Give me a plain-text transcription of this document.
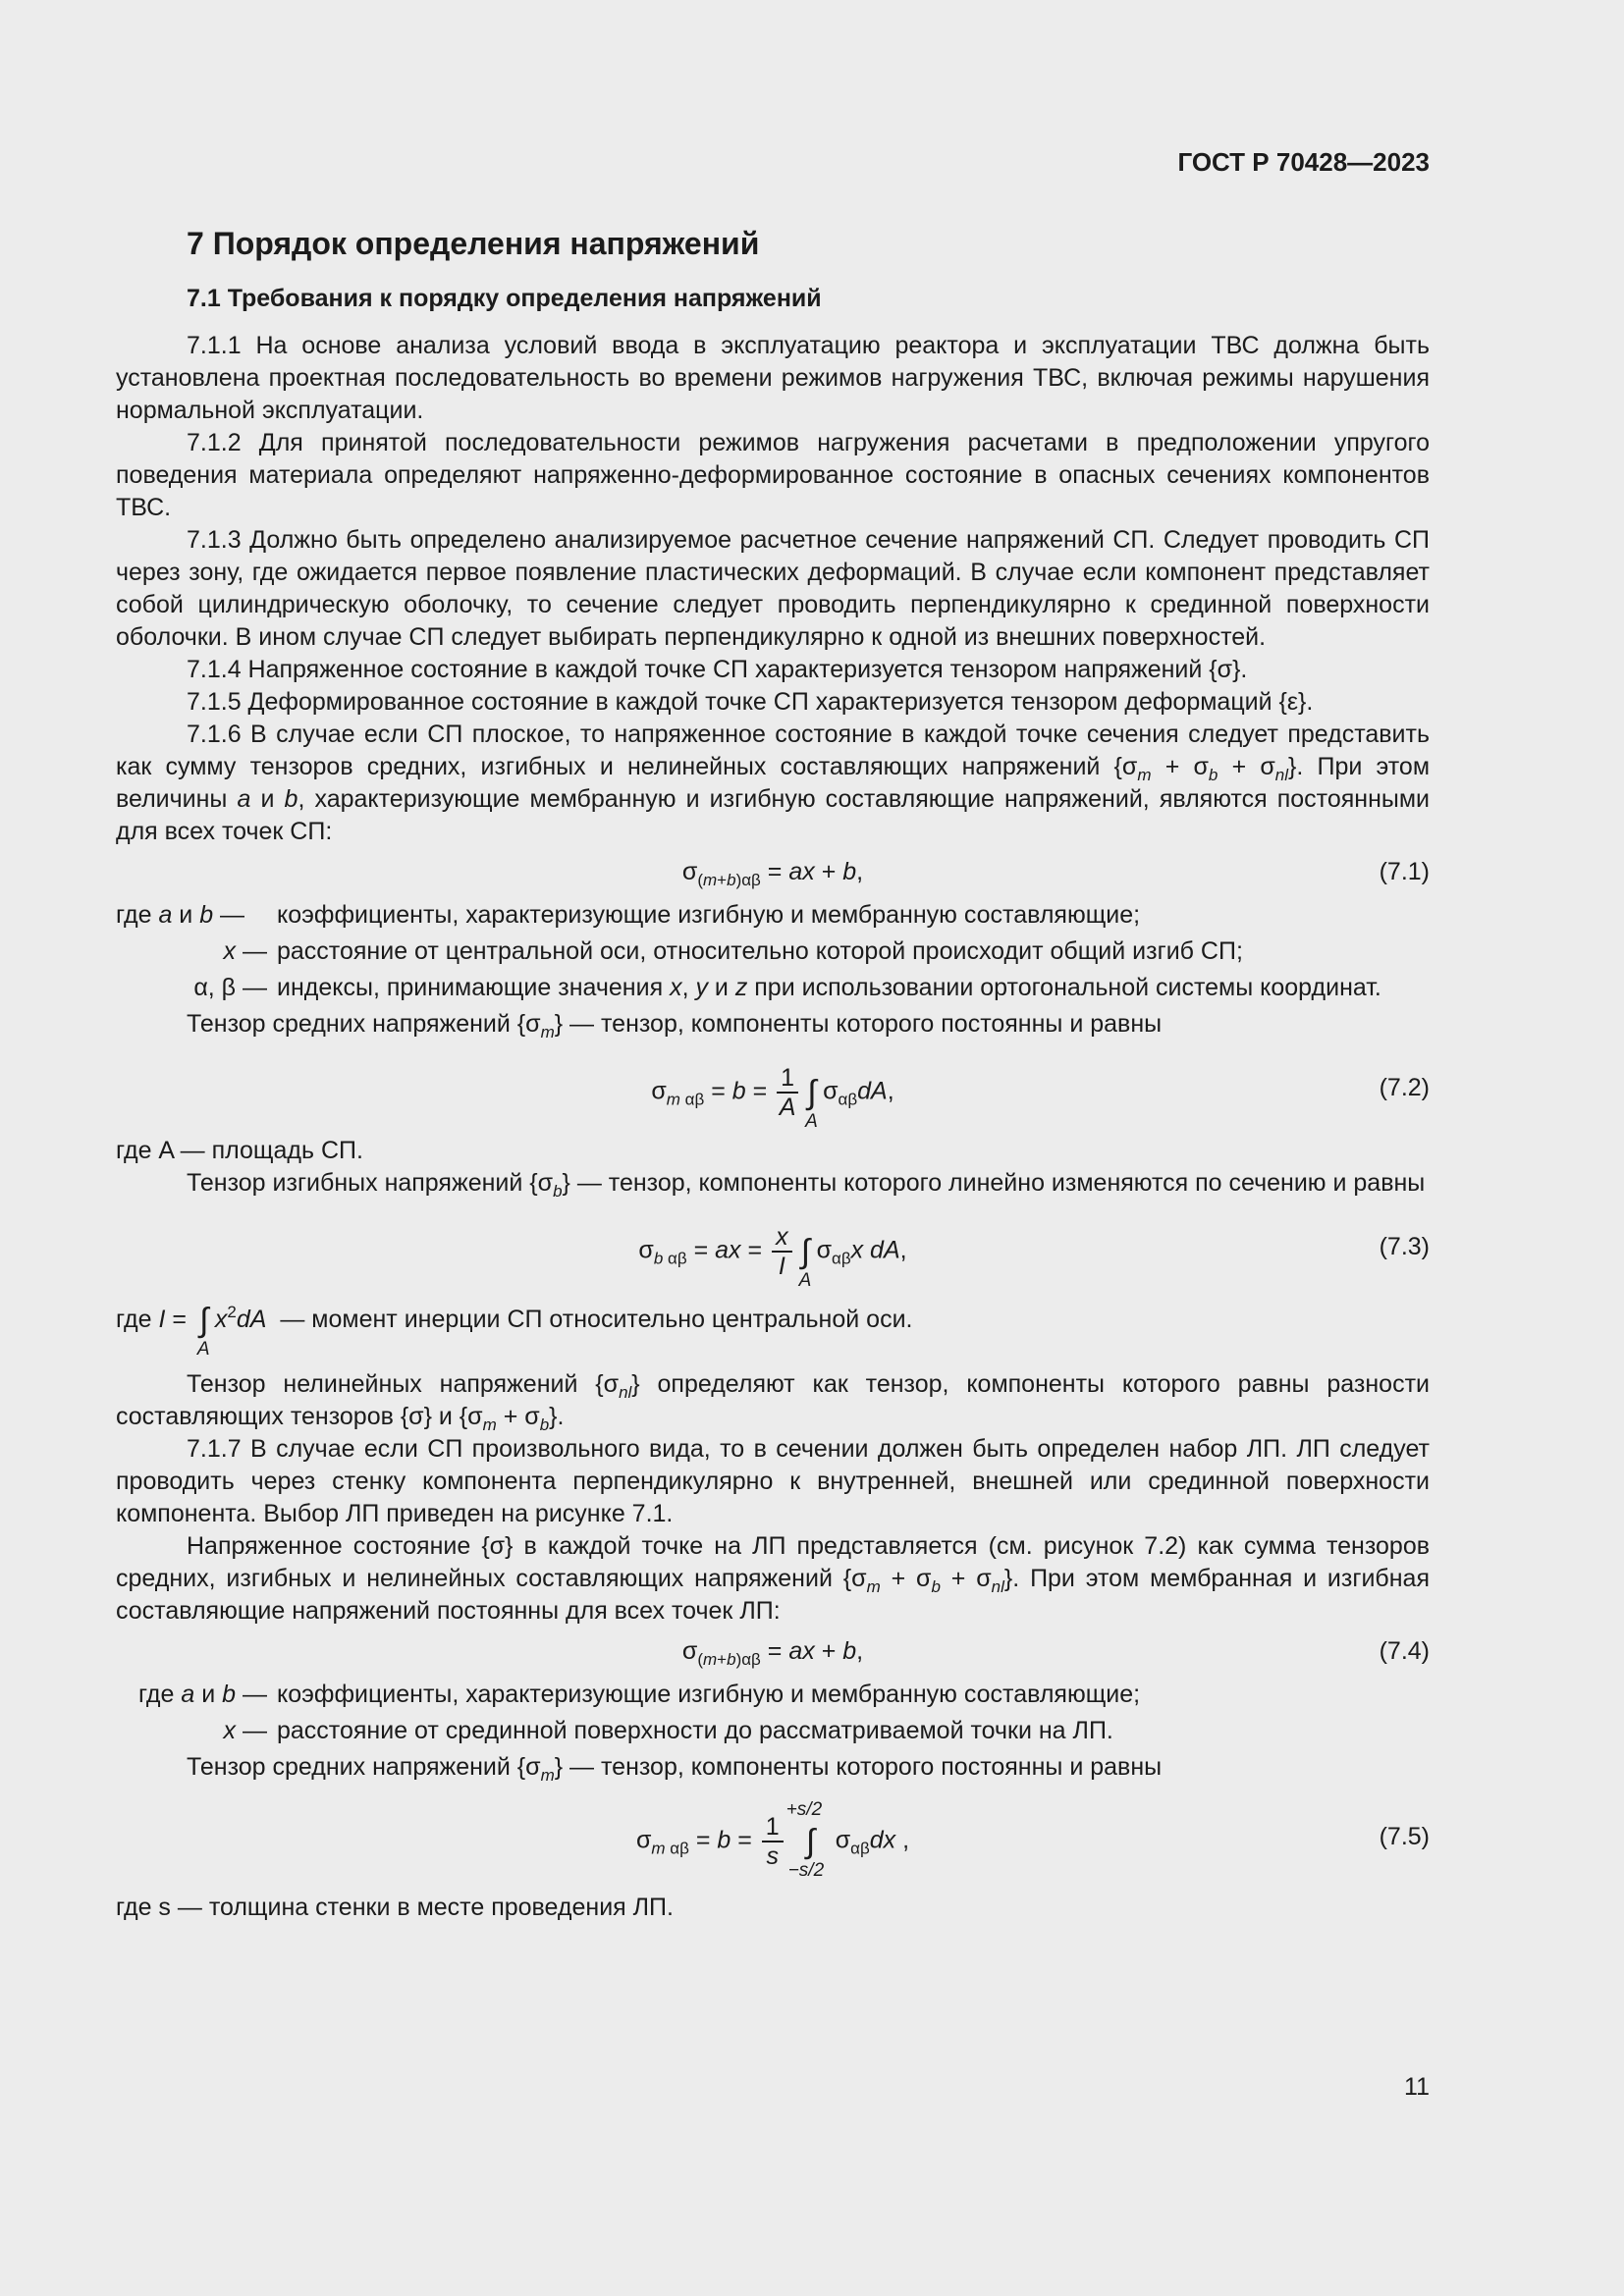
ГОСТ Р 70428—2023
7 Порядок определения напряжений
7.1 Требования к порядку определения напряжений

7.1.1 На основе анализа условий ввода в эксплуатацию реактора и эксплуатации ТВС должна быть установлена проектная последовательность во времени режимов нагружения ТВС, включая режимы нарушения нормальной эксплуатации.

7.1.2 Для принятой последовательности режимов нагружения расчетами в предположении упругого поведения материала определяют напряженно-деформированное состояние в опасных сечениях компонентов ТВС.

7.1.3 Должно быть определено анализируемое расчетное сечение напряжений СП. Следует проводить СП через зону, где ожидается первое появление пластических деформаций. В случае если компонент представляет собой цилиндрическую оболочку, то сечение следует проводить перпендикулярно к срединной поверхности оболочки. В ином случае СП следует выбирать перпендикулярно к одной из внешних поверхностей.

7.1.4 Напряженное состояние в каждой точке СП характеризуется тензором напряжений {σ}.

7.1.5 Деформированное состояние в каждой точке СП характеризуется тензором деформаций {ε}.

7.1.6 В случае если СП плоское, то напряженное состояние в каждой точке сечения следует представить как сумму тензоров средних, изгибных и нелинейных составляющих напряжений $\{\sigma_m + \sigma_b + \sigma_{nl}\}$. При этом величины a и b, характеризующие мембранную и изгибную составляющие напряжений, являются постоянными для всех точек СП:

$\sigma_{(m+b)\alpha\beta}$ = ax + b,	(7.1)
где a и b —	коэффициенты, характеризующие изгибную и мембранную составляющие;
x — расстояние от центральной оси, относительно которой происходит общий изгиб СП;
α, β — индексы, принимающие значения x, y и z при использовании ортогональной системы координат.

Тензор средних напряжений $\{\sigma_m\}$ — тензор, компоненты которого постоянны и равны

$\sigma_{m \alpha\beta} = b = \frac{1}{A}$ ∫
A
$\sigma_{\alpha\beta}dA$,	(7.2)

где A — площадь СП.

Тензор изгибных напряжений $\{\sigma_b\}$ — тензор, компоненты которого линейно изменяются по сечению и равны

$\sigma_{b \alpha\beta}$ = ax = $\frac{x}{I}$ ∫
A
$\sigma_{\alpha\beta}x$ dA,	(7.3)
где I = ∫
A
$x^2dA$ — момент инерции СП относительно центральной оси.

Тензор нелинейных напряжений $\{\sigma_{nl}\}$ определяют как тензор, компоненты которого равны разности составляющих тензоров {σ} и $\{\sigma_m + \sigma_b\}$.

7.1.7 В случае если СП произвольного вида, то в сечении должен быть определен набор ЛП. ЛП следует проводить через стенку компонента перпендикулярно к внутренней, внешней или срединной поверхности компонента. Выбор ЛП приведен на рисунке 7.1.

Напряженное состояние {σ} в каждой точке на ЛП представляется (см. рисунок 7.2) как сумма тензоров средних, изгибных и нелинейных составляющих напряжений $\{\sigma_m + \sigma_b + \sigma_{nl}\}$. При этом мембранная и изгибная составляющие напряжений постоянны для всех точек ЛП:

$\sigma_{(m+b)\alpha\beta}$ = ax + b,	(7.4)
где a и b — коэффициенты, характеризующие изгибную и мембранную составляющие;
x — расстояние от срединной поверхности до рассматриваемой точки на ЛП.

Тензор средних напряжений $\{\sigma_m\}$ — тензор, компоненты которого постоянны и равны

$\sigma_{m \alpha\beta} = b = \frac{1}{s}$
+s/2
∫
−s/2
$\sigma_{\alpha\beta}dx$ ,	(7.5)

где s — толщина стенки в месте проведения ЛП.

11
